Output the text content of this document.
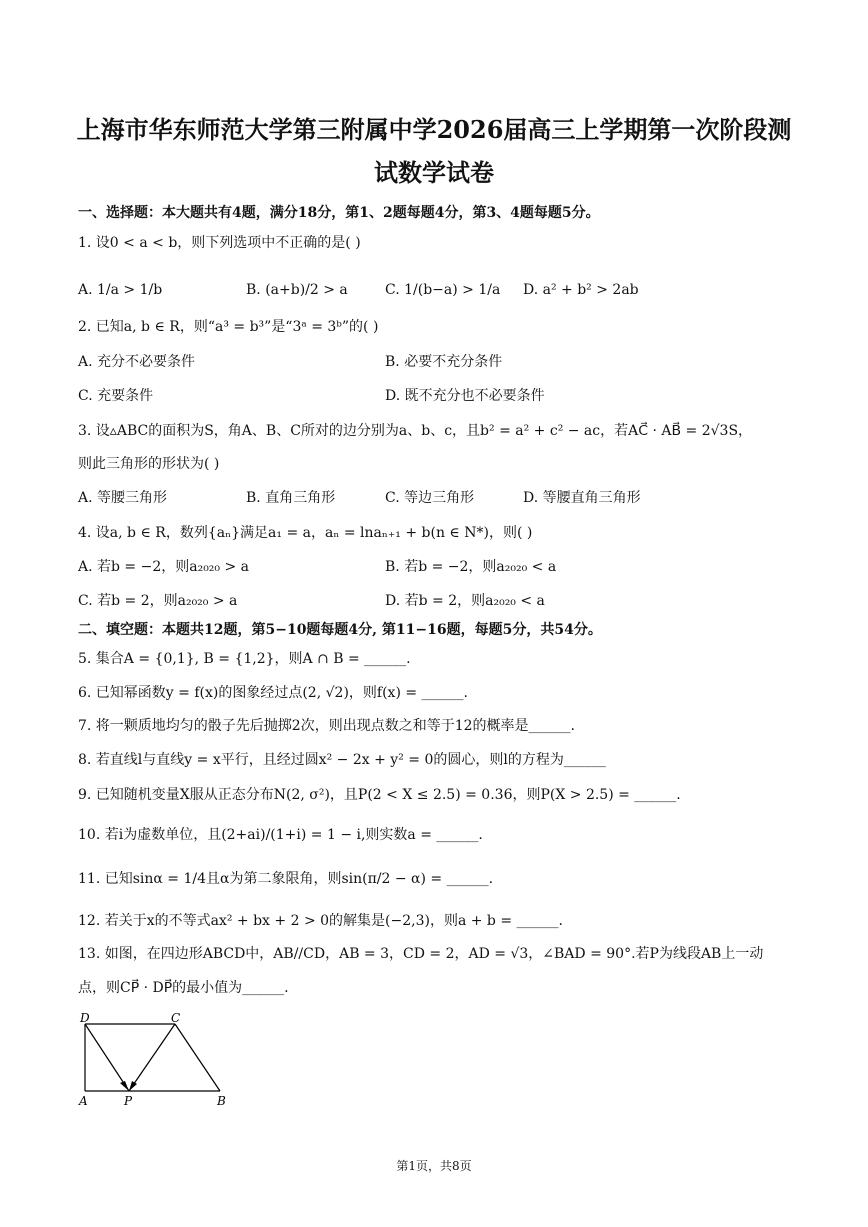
上海市华东师范大学第三附属中学2026届高三上学期第一次阶段测
试数学试卷
一、选择题：本大题共有4题，满分18分，第1、2题每题4分，第3、4题每题5分。
1. 设0 < a < b，则下列选项中不正确的是( )
A. 1/a > 1/b	B. (a+b)/2 > a	C. 1/(b−a) > 1/a D. a² + b² > 2ab
2. 已知a, b ∈ R，则“a³ = b³”是“3ᵃ = 3ᵇ”的( )
A. 充分不必要条件	B. 必要不充分条件
C. 充要条件	D. 既不充分也不必要条件
3. 设▵ABC的面积为S，角A、B、C所对的边分别为a、b、c，且b² = a² + c² − ac，若AC⃗ · AB⃗ = 2√3S，
则此三角形的形状为( )
A. 等腰三角形	B. 直角三角形	C. 等边三角形	D. 等腰直角三角形
4. 设a, b ∈ R，数列{aₙ}满足a₁ = a，aₙ = lnaₙ₊₁ + b(n ∈ N*)，则( )
A. 若b = −2，则a₂₀₂₀ > a	B. 若b = −2，则a₂₀₂₀ < a
C. 若b = 2，则a₂₀₂₀ > a	D. 若b = 2，则a₂₀₂₀ < a
二、填空题：本题共12题，第5−10题每题4分, 第11−16题，每题5分，共54分。
5. 集合A = {0,1}, B = {1,2}，则A ∩ B = ______.
6. 已知幂函数y = f(x)的图象经过点(2, √2)，则f(x) = ______.
7. 将一颗质地均匀的骰子先后抛掷2次，则出现点数之和等于12的概率是______.
8. 若直线l与直线y = x平行，且经过圆x² − 2x + y² = 0的圆心，则l的方程为______
9. 已知随机变量X服从正态分布N(2, σ²)，且P(2 < X ≤ 2.5) = 0.36，则P(X > 2.5) = ______.
10. 若i为虚数单位，且(2+ai)/(1+i) = 1 − i,则实数a = ______.
11. 已知sinα = 1/4且α为第二象限角，则sin(π/2 − α) = ______.
12. 若关于x的不等式ax² + bx + 2 > 0的解集是(−2,3)，则a + b = ______.
13. 如图，在四边形ABCD中，AB//CD，AB = 3，CD = 2，AD = √3，∠BAD = 90°.若P为线段AB上一动
点，则CP⃗ · DP⃗的最小值为______.
D	C
A	P	B
第1页，共8页
